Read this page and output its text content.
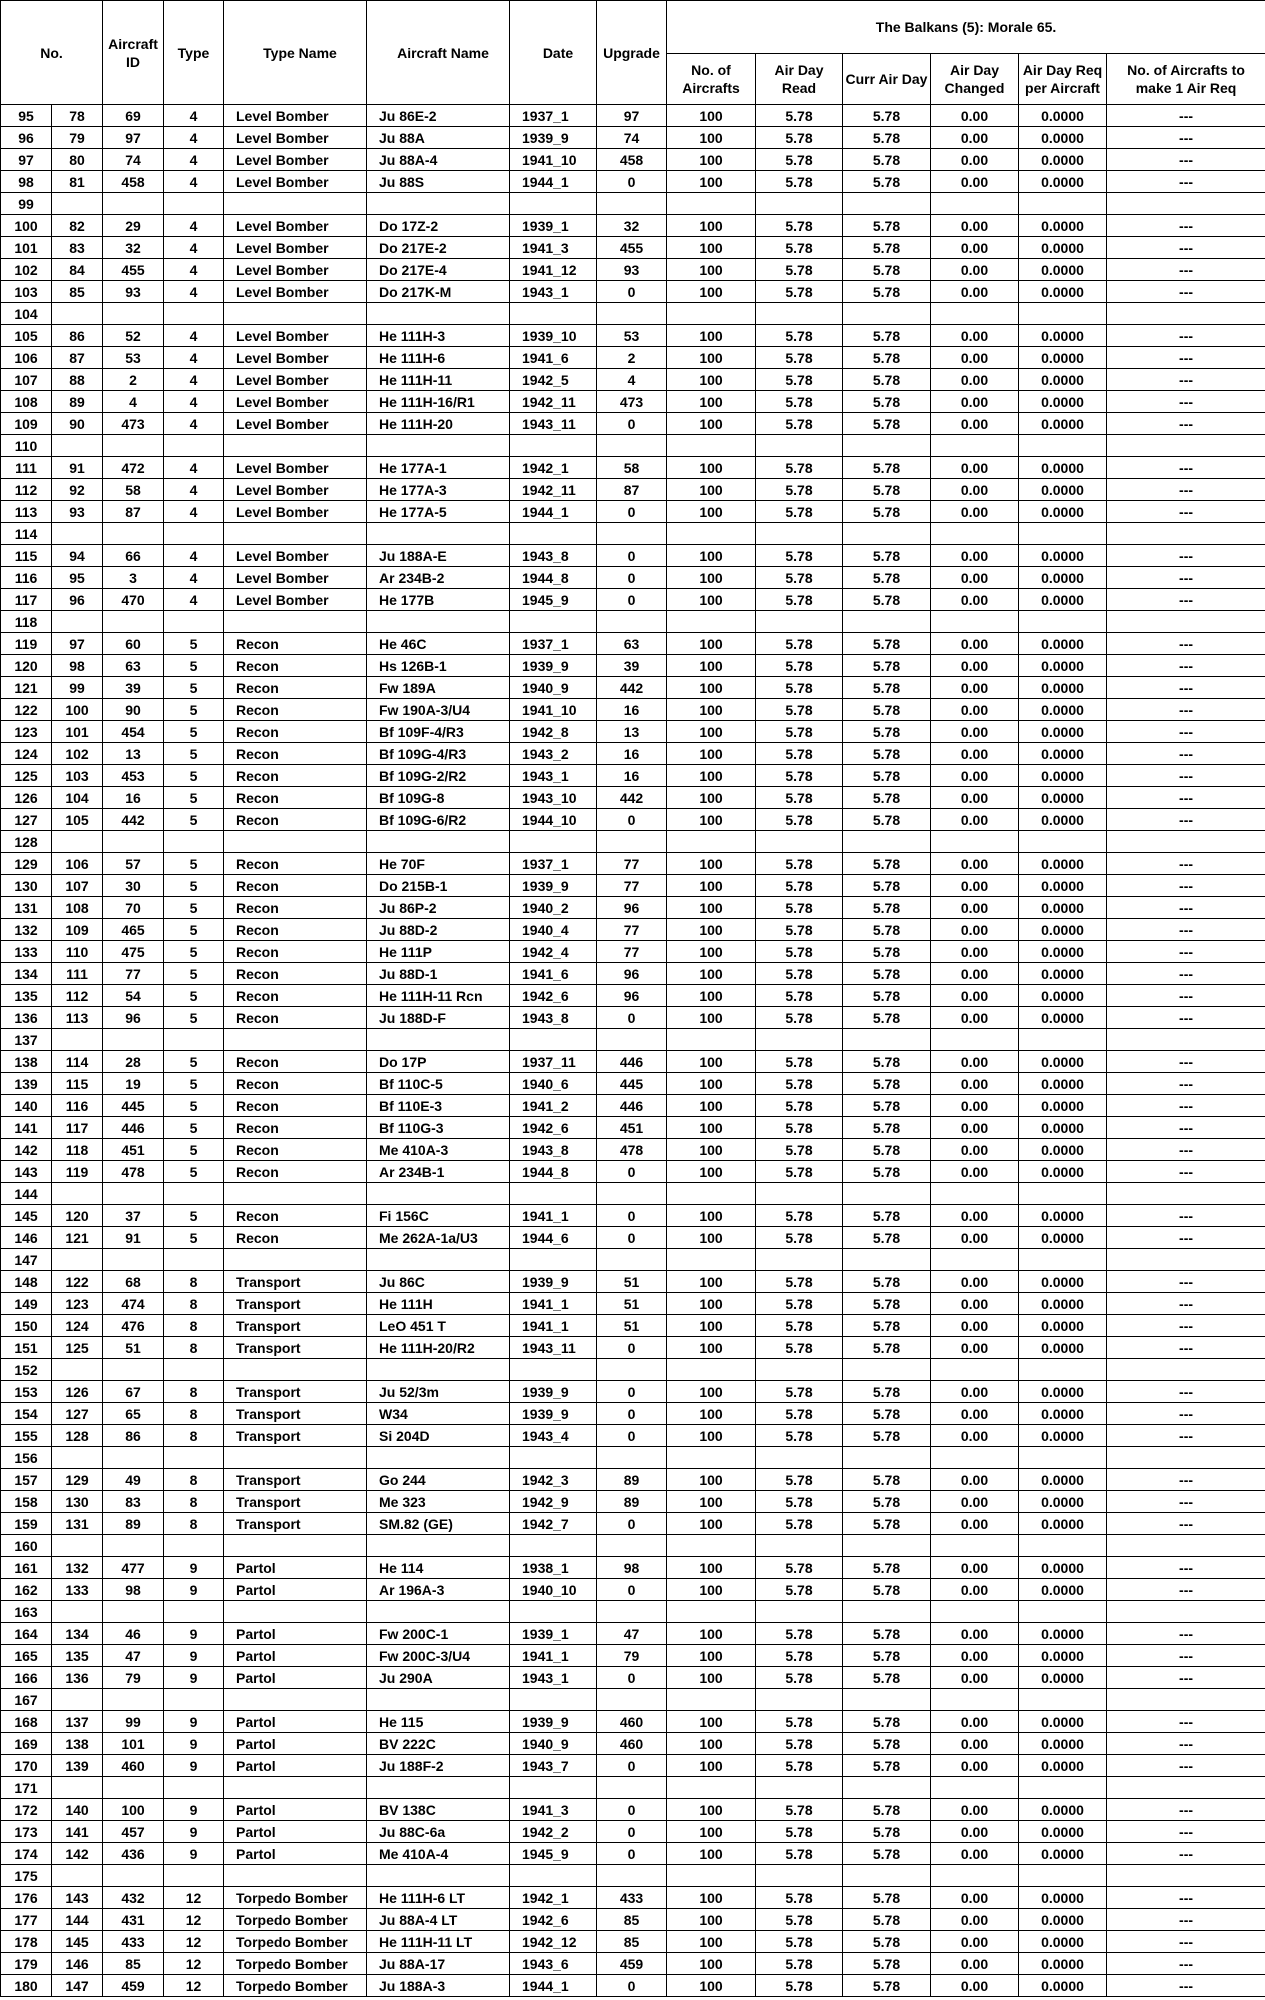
No.		Aircraft ID	Type	Type Name	Aircraft Name	Date	Upgrade	The Balkans (5): Morale 65.					
								No. of Aircrafts	Air Day Read	Curr Air Day	Air Day Changed	Air Day Req per Aircraft	No. of Aircrafts to make 1 Air Req
95	78	69	4	Level Bomber	Ju 86E-2	1937_1	97	100	5.78	5.78	0.00	0.0000	---
96	79	97	4	Level Bomber	Ju 88A	1939_9	74	100	5.78	5.78	0.00	0.0000	---
97	80	74	4	Level Bomber	Ju 88A-4	1941_10	458	100	5.78	5.78	0.00	0.0000	---
98	81	458	4	Level Bomber	Ju 88S	1944_1	0	100	5.78	5.78	0.00	0.0000	---
99													
100	82	29	4	Level Bomber	Do 17Z-2	1939_1	32	100	5.78	5.78	0.00	0.0000	---
101	83	32	4	Level Bomber	Do 217E-2	1941_3	455	100	5.78	5.78	0.00	0.0000	---
102	84	455	4	Level Bomber	Do 217E-4	1941_12	93	100	5.78	5.78	0.00	0.0000	---
103	85	93	4	Level Bomber	Do 217K-M	1943_1	0	100	5.78	5.78	0.00	0.0000	---
104													
105	86	52	4	Level Bomber	He 111H-3	1939_10	53	100	5.78	5.78	0.00	0.0000	---
106	87	53	4	Level Bomber	He 111H-6	1941_6	2	100	5.78	5.78	0.00	0.0000	---
107	88	2	4	Level Bomber	He 111H-11	1942_5	4	100	5.78	5.78	0.00	0.0000	---
108	89	4	4	Level Bomber	He 111H-16/R1	1942_11	473	100	5.78	5.78	0.00	0.0000	---
109	90	473	4	Level Bomber	He 111H-20	1943_11	0	100	5.78	5.78	0.00	0.0000	---
110													
111	91	472	4	Level Bomber	He 177A-1	1942_1	58	100	5.78	5.78	0.00	0.0000	---
112	92	58	4	Level Bomber	He 177A-3	1942_11	87	100	5.78	5.78	0.00	0.0000	---
113	93	87	4	Level Bomber	He 177A-5	1944_1	0	100	5.78	5.78	0.00	0.0000	---
114													
115	94	66	4	Level Bomber	Ju 188A-E	1943_8	0	100	5.78	5.78	0.00	0.0000	---
116	95	3	4	Level Bomber	Ar 234B-2	1944_8	0	100	5.78	5.78	0.00	0.0000	---
117	96	470	4	Level Bomber	He 177B	1945_9	0	100	5.78	5.78	0.00	0.0000	---
118													
119	97	60	5	Recon	He 46C	1937_1	63	100	5.78	5.78	0.00	0.0000	---
120	98	63	5	Recon	Hs 126B-1	1939_9	39	100	5.78	5.78	0.00	0.0000	---
121	99	39	5	Recon	Fw 189A	1940_9	442	100	5.78	5.78	0.00	0.0000	---
122	100	90	5	Recon	Fw 190A-3/U4	1941_10	16	100	5.78	5.78	0.00	0.0000	---
123	101	454	5	Recon	Bf 109F-4/R3	1942_8	13	100	5.78	5.78	0.00	0.0000	---
124	102	13	5	Recon	Bf 109G-4/R3	1943_2	16	100	5.78	5.78	0.00	0.0000	---
125	103	453	5	Recon	Bf 109G-2/R2	1943_1	16	100	5.78	5.78	0.00	0.0000	---
126	104	16	5	Recon	Bf 109G-8	1943_10	442	100	5.78	5.78	0.00	0.0000	---
127	105	442	5	Recon	Bf 109G-6/R2	1944_10	0	100	5.78	5.78	0.00	0.0000	---
128													
129	106	57	5	Recon	He 70F	1937_1	77	100	5.78	5.78	0.00	0.0000	---
130	107	30	5	Recon	Do 215B-1	1939_9	77	100	5.78	5.78	0.00	0.0000	---
131	108	70	5	Recon	Ju 86P-2	1940_2	96	100	5.78	5.78	0.00	0.0000	---
132	109	465	5	Recon	Ju 88D-2	1940_4	77	100	5.78	5.78	0.00	0.0000	---
133	110	475	5	Recon	He 111P	1942_4	77	100	5.78	5.78	0.00	0.0000	---
134	111	77	5	Recon	Ju 88D-1	1941_6	96	100	5.78	5.78	0.00	0.0000	---
135	112	54	5	Recon	He 111H-11 Rcn	1942_6	96	100	5.78	5.78	0.00	0.0000	---
136	113	96	5	Recon	Ju 188D-F	1943_8	0	100	5.78	5.78	0.00	0.0000	---
137													
138	114	28	5	Recon	Do 17P	1937_11	446	100	5.78	5.78	0.00	0.0000	---
139	115	19	5	Recon	Bf 110C-5	1940_6	445	100	5.78	5.78	0.00	0.0000	---
140	116	445	5	Recon	Bf 110E-3	1941_2	446	100	5.78	5.78	0.00	0.0000	---
141	117	446	5	Recon	Bf 110G-3	1942_6	451	100	5.78	5.78	0.00	0.0000	---
142	118	451	5	Recon	Me 410A-3	1943_8	478	100	5.78	5.78	0.00	0.0000	---
143	119	478	5	Recon	Ar 234B-1	1944_8	0	100	5.78	5.78	0.00	0.0000	---
144													
145	120	37	5	Recon	Fi 156C	1941_1	0	100	5.78	5.78	0.00	0.0000	---
146	121	91	5	Recon	Me 262A-1a/U3	1944_6	0	100	5.78	5.78	0.00	0.0000	---
147													
148	122	68	8	Transport	Ju 86C	1939_9	51	100	5.78	5.78	0.00	0.0000	---
149	123	474	8	Transport	He 111H	1941_1	51	100	5.78	5.78	0.00	0.0000	---
150	124	476	8	Transport	LeO 451 T	1941_1	51	100	5.78	5.78	0.00	0.0000	---
151	125	51	8	Transport	He 111H-20/R2	1943_11	0	100	5.78	5.78	0.00	0.0000	---
152													
153	126	67	8	Transport	Ju 52/3m	1939_9	0	100	5.78	5.78	0.00	0.0000	---
154	127	65	8	Transport	W34	1939_9	0	100	5.78	5.78	0.00	0.0000	---
155	128	86	8	Transport	Si 204D	1943_4	0	100	5.78	5.78	0.00	0.0000	---
156													
157	129	49	8	Transport	Go 244	1942_3	89	100	5.78	5.78	0.00	0.0000	---
158	130	83	8	Transport	Me 323	1942_9	89	100	5.78	5.78	0.00	0.0000	---
159	131	89	8	Transport	SM.82 (GE)	1942_7	0	100	5.78	5.78	0.00	0.0000	---
160													
161	132	477	9	Partol	He 114	1938_1	98	100	5.78	5.78	0.00	0.0000	---
162	133	98	9	Partol	Ar 196A-3	1940_10	0	100	5.78	5.78	0.00	0.0000	---
163													
164	134	46	9	Partol	Fw 200C-1	1939_1	47	100	5.78	5.78	0.00	0.0000	---
165	135	47	9	Partol	Fw 200C-3/U4	1941_1	79	100	5.78	5.78	0.00	0.0000	---
166	136	79	9	Partol	Ju 290A	1943_1	0	100	5.78	5.78	0.00	0.0000	---
167													
168	137	99	9	Partol	He 115	1939_9	460	100	5.78	5.78	0.00	0.0000	---
169	138	101	9	Partol	BV 222C	1940_9	460	100	5.78	5.78	0.00	0.0000	---
170	139	460	9	Partol	Ju 188F-2	1943_7	0	100	5.78	5.78	0.00	0.0000	---
171													
172	140	100	9	Partol	BV 138C	1941_3	0	100	5.78	5.78	0.00	0.0000	---
173	141	457	9	Partol	Ju 88C-6a	1942_2	0	100	5.78	5.78	0.00	0.0000	---
174	142	436	9	Partol	Me 410A-4	1945_9	0	100	5.78	5.78	0.00	0.0000	---
175													
176	143	432	12	Torpedo Bomber	He 111H-6 LT	1942_1	433	100	5.78	5.78	0.00	0.0000	---
177	144	431	12	Torpedo Bomber	Ju 88A-4 LT	1942_6	85	100	5.78	5.78	0.00	0.0000	---
178	145	433	12	Torpedo Bomber	He 111H-11 LT	1942_12	85	100	5.78	5.78	0.00	0.0000	---
179	146	85	12	Torpedo Bomber	Ju 88A-17	1943_6	459	100	5.78	5.78	0.00	0.0000	---
180	147	459	12	Torpedo Bomber	Ju 188A-3	1944_1	0	100	5.78	5.78	0.00	0.0000	---
